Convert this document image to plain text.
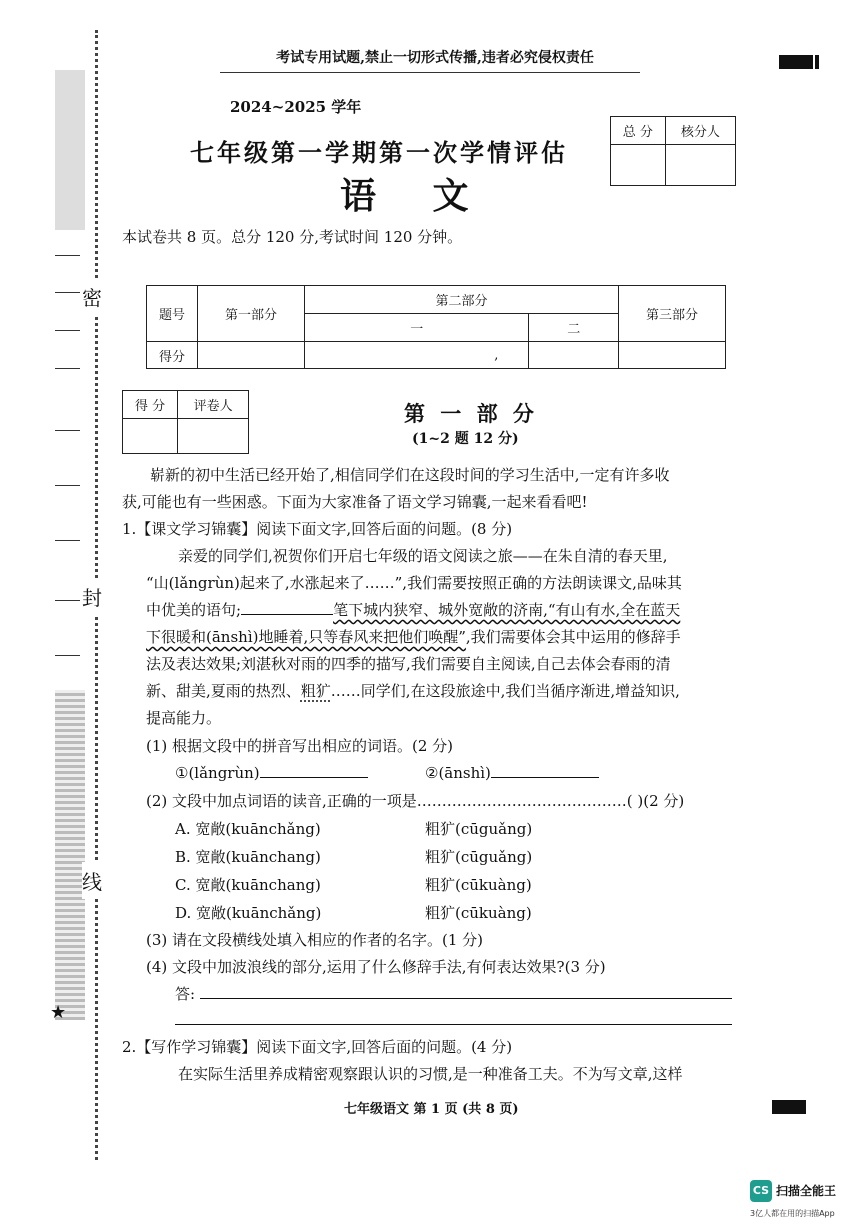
★
密
封
线
考试专用试题,禁止一切形式传播,违者必究侵权责任
2024~2025 学年
七年级第一学期第一次学情评估
语 文
总 分	核分人

本试卷共 8 页。总分 120 分,考试时间 120 分钟。
题号	第一部分	第二部分		第三部分
		一	二	
得分		,		
得 分	评卷人
		第 一 部 分
(1~2 题 12 分)
崭新的初中生活已经开始了,相信同学们在这段时间的学习生活中,一定有许多收
获,可能也有一些困惑。下面为大家准备了语文学习锦囊,一起来看看吧!
1.【课文学习锦囊】阅读下面文字,回答后面的问题。(8 分)
亲爱的同学们,祝贺你们开启七年级的语文阅读之旅——在朱自清的春天里,
“山(lǎngrùn)起来了,水涨起来了……”,我们需要按照正确的方法朗读课文,品味其
中优美的语句;	笔下城内狭窄、城外宽敞的济南,“有山有水,全在蓝天
下很暖和(ānshì)地睡着,只等春风来把他们唤醒”,我们需要体会其中运用的修辞手
法及表达效果;刘湛秋对雨的四季的描写,我们需要自主阅读,自己去体会春雨的清
新、甜美,夏雨的热烈、粗犷……同学们,在这段旅途中,我们当循序渐进,增益知识,
提高能力。
(1) 根据文段中的拼音写出相应的词语。(2 分)
①(lǎngrùn)	②(ānshì)
(2) 文段中加点词语的读音,正确的一项是……………………………………( )(2 分)
A. 宽敞(kuānchǎng)	粗犷(cūguǎng)
B. 宽敞(kuānchang)	粗犷(cūguǎng)
C. 宽敞(kuānchang)	粗犷(cūkuàng)
D. 宽敞(kuānchǎng)	粗犷(cūkuàng)
(3) 请在文段横线处填入相应的作者的名字。(1 分)
(4) 文段中加波浪线的部分,运用了什么修辞手法,有何表达效果?(3 分)
答:
2.【写作学习锦囊】阅读下面文字,回答后面的问题。(4 分)
在实际生活里养成精密观察跟认识的习惯,是一种准备工夫。不为写文章,这样
七年级语文 第 1 页 (共 8 页)
CS 扫描全能王
3亿人都在用的扫描App
